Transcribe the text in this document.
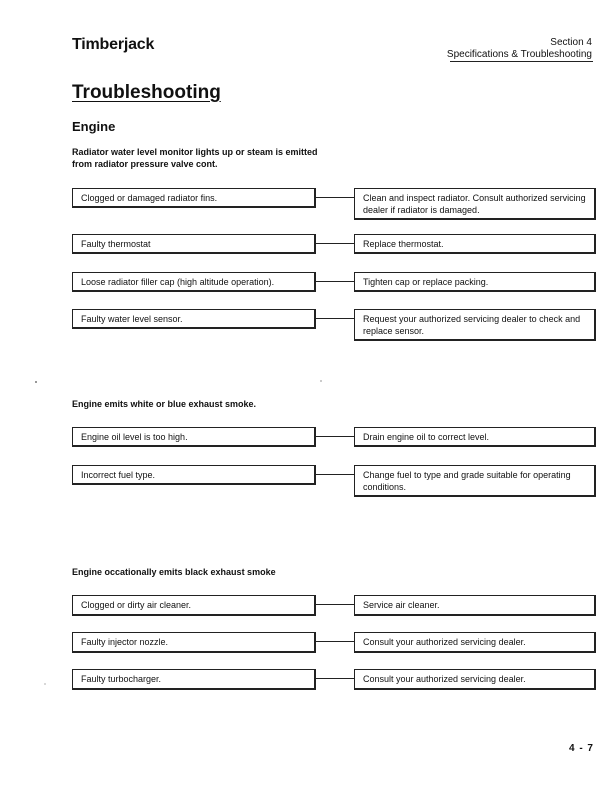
Timberjack	Section 4
Specifications & Troubleshooting
Troubleshooting
Engine
Radiator water level monitor lights up or steam is emitted from radiator pressure valve cont.
Clogged or damaged radiator fins.	Clean and inspect radiator. Consult authorized servicing dealer if radiator is damaged.
Faulty thermostat	Replace thermostat.
Loose radiator filler cap (high altitude operation).	Tighten cap or replace packing.
Faulty water level sensor.	Request your authorized servicing dealer to check and replace sensor.
Engine emits white or blue exhaust smoke.
Engine oil level is too high.	Drain engine oil to correct level.
Incorrect fuel type.	Change fuel to type and grade suitable for operating conditions.
Engine occationally emits black exhaust smoke
Clogged or dirty air cleaner.	Service air cleaner.
Faulty injector nozzle.	Consult your authorized servicing dealer.
Faulty turbocharger.	Consult your authorized servicing dealer.
4 - 7
